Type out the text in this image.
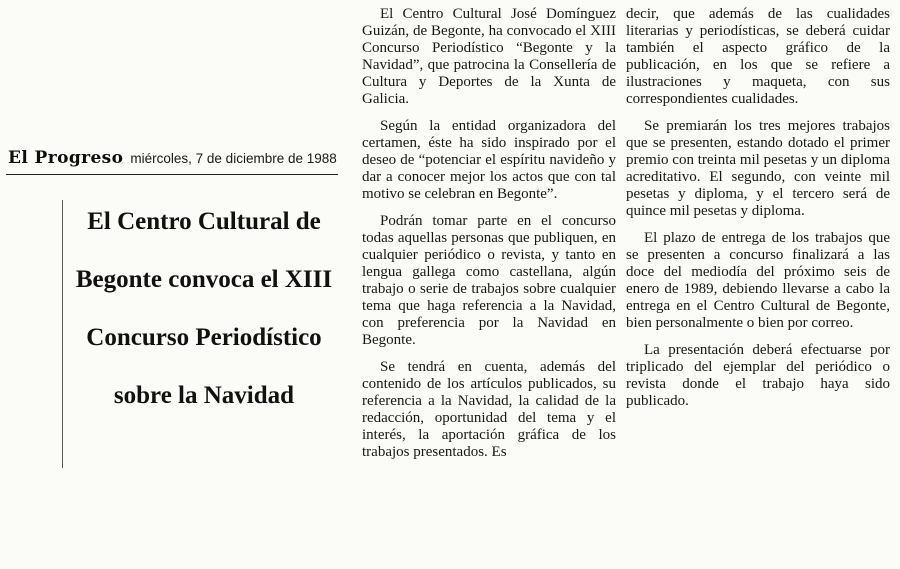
El Progreso miércoles, 7 de diciembre de 1988
El Centro Cultural de Begonte convoca el XIII Concurso Periodístico sobre la Navidad

El Centro Cultural José Domínguez Guizán, de Begonte, ha convocado el XIII Concurso Periodístico “Begonte y la Navidad”, que patrocina la Consellería de Cultura y Deportes de la Xunta de Galicia.

Según la entidad organizadora del certamen, éste ha sido inspirado por el deseo de “potenciar el espíritu navideño y dar a conocer mejor los actos que con tal motivo se celebran en Begonte”.

Podrán tomar parte en el concurso todas aquellas personas que publiquen, en cualquier periódico o revista, y tanto en lengua gallega como castellana, algún trabajo o serie de trabajos sobre cualquier tema que haga referencia a la Navidad, con preferencia por la Navidad en Begonte.

Se tendrá en cuenta, además del contenido de los artículos publicados, su referencia a la Navidad, la calidad de la redacción, oportunidad del tema y el interés, la aportación gráfica de los trabajos presentados. Es

decir, que además de las cualidades literarias y periodísticas, se deberá cuidar también el aspecto gráfico de la publicación, en los que se refiere a ilustraciones y maqueta, con sus correspondientes cualidades.

Se premiarán los tres mejores trabajos que se presenten, estando dotado el primer premio con treinta mil pesetas y un diploma acreditativo. El segundo, con veinte mil pesetas y diploma, y el tercero será de quince mil pesetas y diploma.

El plazo de entrega de los trabajos que se presenten a concurso finalizará a las doce del mediodía del próximo seis de enero de 1989, debiendo llevarse a cabo la entrega en el Centro Cultural de Begonte, bien personalmente o bien por correo.

La presentación deberá efectuarse por triplicado del ejemplar del periódico o revista donde el trabajo haya sido publicado.
